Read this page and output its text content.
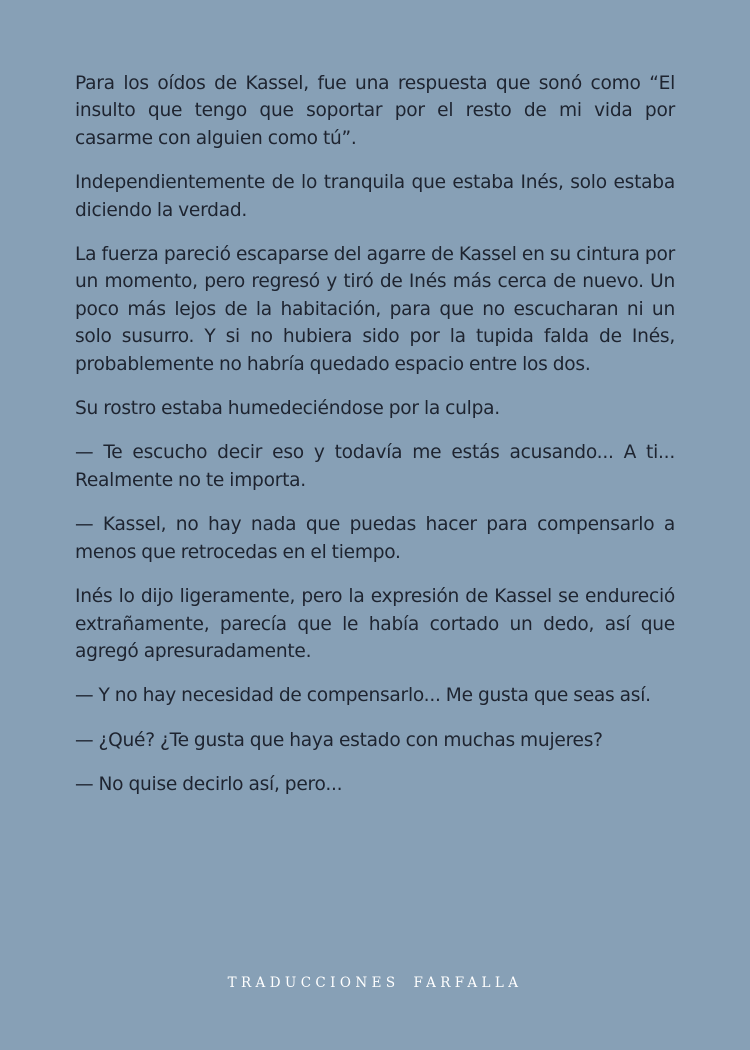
Para los oídos de Kassel, fue una respuesta que sonó como “El insulto que tengo que soportar por el resto de mi vida por casarme con alguien como tú”.

Independientemente de lo tranquila que estaba Inés, solo estaba diciendo la verdad.

La fuerza pareció escaparse del agarre de Kassel en su cintura por un momento, pero regresó y tiró de Inés más cerca de nuevo. Un poco más lejos de la habitación, para que no escucharan ni un solo susurro. Y si no hubiera sido por la tupida falda de Inés, probablemente no habría quedado espacio entre los dos.

Su rostro estaba humedeciéndose por la culpa.

— Te escucho decir eso y todavía me estás acusando... A ti... Realmente no te importa.

— Kassel, no hay nada que puedas hacer para compensarlo a menos que retrocedas en el tiempo.

Inés lo dijo ligeramente, pero la expresión de Kassel se endureció extrañamente, parecía que le había cortado un dedo, así que agregó apresuradamente.

— Y no hay necesidad de compensarlo... Me gusta que seas así.

— ¿Qué? ¿Te gusta que haya estado con muchas mujeres?

— No quise decirlo así, pero...

TRADUCCIONES FARFALLA
